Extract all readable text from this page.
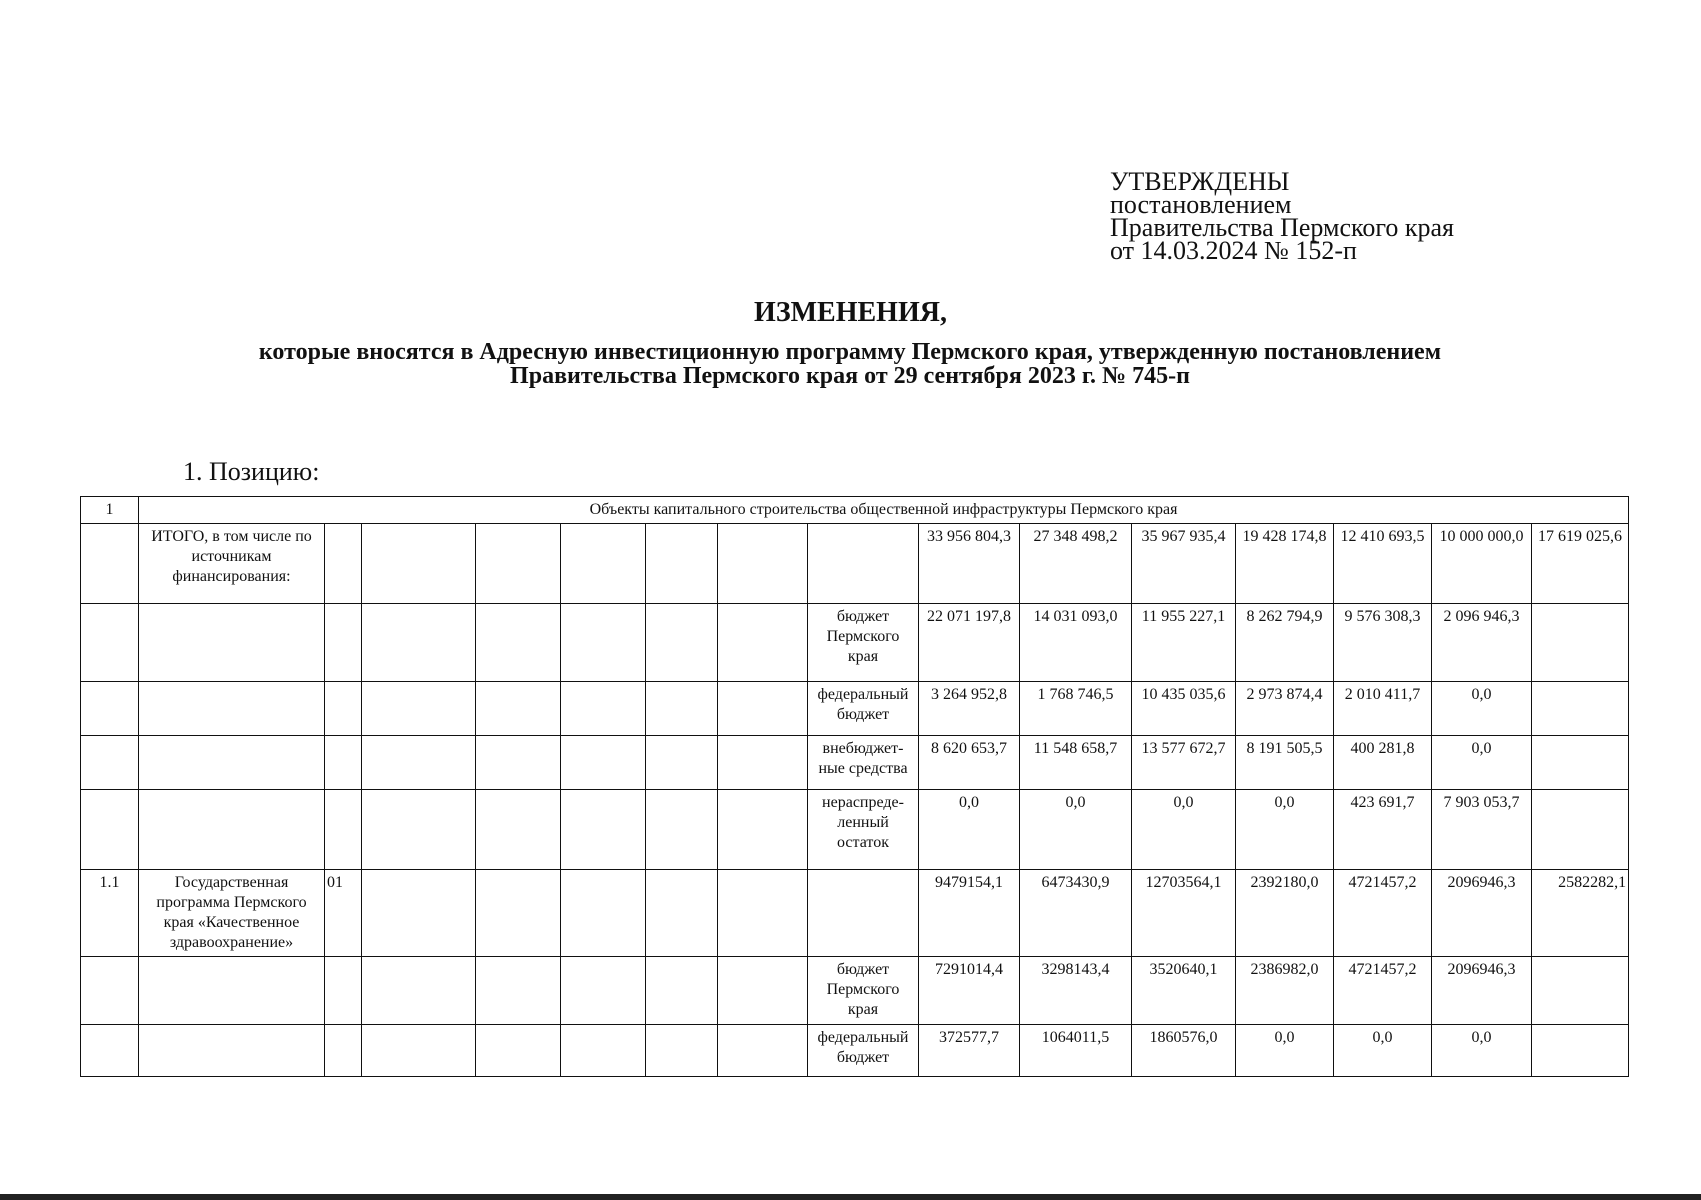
УТВЕРЖДЕНЫ
постановлением
Правительства Пермского края
от 14.03.2024 № 152-п
ИЗМЕНЕНИЯ,
которые вносятся в Адресную инвестиционную программу Пермского края, утвержденную постановлением
Правительства Пермского края от 29 сентября 2023 г. № 745-п
1. Позицию:
1	Объекты капитального строительства общественной инфраструктуры Пермского края														
	ИТОГО, в том числе по источникам финансирования:								33 956 804,3	27 348 498,2	35 967 935,4	19 428 174,8	12 410 693,5	10 000 000,0	17 619 025,6
								бюджет Пермского края	22 071 197,8	14 031 093,0	11 955 227,1	8 262 794,9	9 576 308,3	2 096 946,3	
								федеральный бюджет	3 264 952,8	1 768 746,5	10 435 035,6	2 973 874,4	2 010 411,7	0,0	
								внебюджет-ные средства	8 620 653,7	11 548 658,7	13 577 672,7	8 191 505,5	400 281,8	0,0	
								нераспреде-ленный остаток	0,0	0,0	0,0	0,0	423 691,7	7 903 053,7	
1.1	Государственная программа Пермского края «Качественное здравоохранение»	01							9479154,1	6473430,9	12703564,1	2392180,0	4721457,2	2096946,3	2582282,1
								бюджет Пермского края	7291014,4	3298143,4	3520640,1	2386982,0	4721457,2	2096946,3	
								федеральный бюджет	372577,7	1064011,5	1860576,0	0,0	0,0	0,0	
